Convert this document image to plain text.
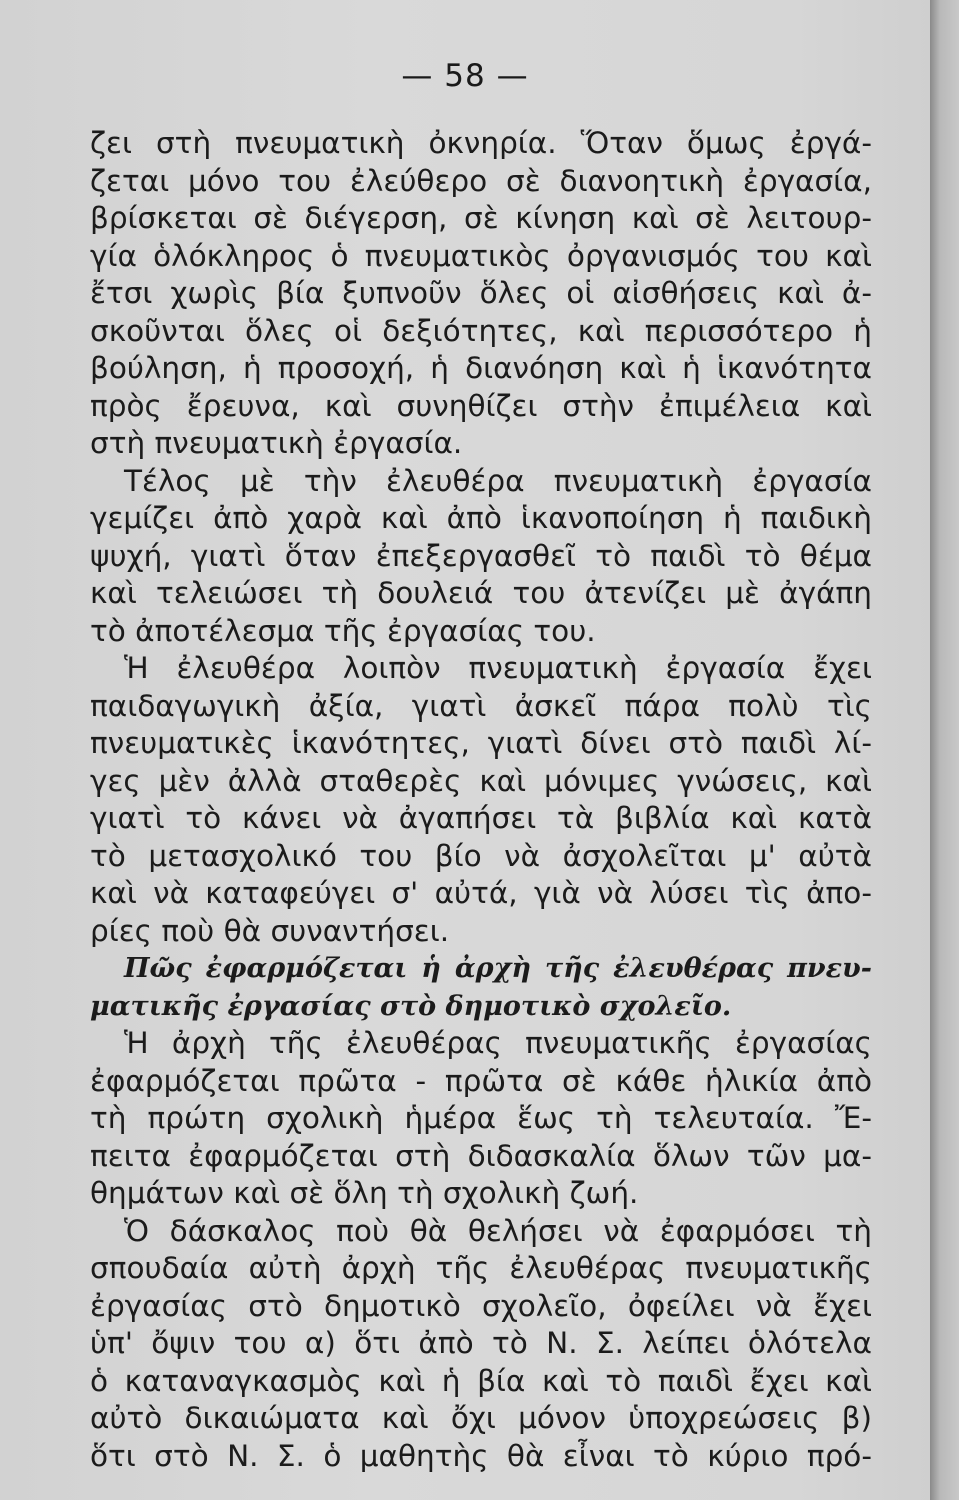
— 58 —
ζει στὴ πνευματικὴ ὀκνηρία. Ὅταν ὅμως ἐργά-
ζεται μόνο του ἐλεύθερο σὲ διανοητικὴ ἐργασία,
βρίσκεται σὲ διέγερση, σὲ κίνηση καὶ σὲ λειτουρ-
γία ὁλόκληρος ὁ πνευματικὸς ὀργανισμός του καὶ
ἔτσι χωρὶς βία ξυπνοῦν ὅλες οἱ αἰσθήσεις καὶ ἀ-
σκοῦνται ὅλες οἱ δεξιότητες, καὶ περισσότερο ἡ
βούληση, ἡ προσοχή, ἡ διανόηση καὶ ἡ ἱκανότητα
πρὸς ἔρευνα, καὶ συνηθίζει στὴν ἐπιμέλεια καὶ
στὴ πνευματικὴ ἐργασία.
Τέλος μὲ τὴν ἐλευθέρα πνευματικὴ ἐργασία
γεμίζει ἀπὸ χαρὰ καὶ ἀπὸ ἱκανοποίηση ἡ παιδικὴ
ψυχή, γιατὶ ὅταν ἐπεξεργασθεῖ τὸ παιδὶ τὸ θέμα
καὶ τελειώσει τὴ δουλειά του ἀτενίζει μὲ ἀγάπη
τὸ ἀποτέλεσμα τῆς ἐργασίας του.
Ἡ ἐλευθέρα λοιπὸν πνευματικὴ ἐργασία ἔχει
παιδαγωγικὴ ἀξία, γιατὶ ἀσκεῖ πάρα πολὺ τὶς
πνευματικὲς ἱκανότητες, γιατὶ δίνει στὸ παιδὶ λί-
γες μὲν ἀλλὰ σταθερὲς καὶ μόνιμες γνώσεις, καὶ
γιατὶ τὸ κάνει νὰ ἀγαπήσει τὰ βιβλία καὶ κατὰ
τὸ μετασχολικό του βίο νὰ ἀσχολεῖται μ' αὐτὰ
καὶ νὰ καταφεύγει σ' αὐτά, γιὰ νὰ λύσει τὶς ἀπο-
ρίες ποὺ θὰ συναντήσει.
Πῶς ἐφαρμόζεται ἡ ἀρχὴ τῆς ἐλευθέρας πνευ-
ματικῆς ἐργασίας στὸ δημοτικὸ σχολεῖο.
Ἡ ἀρχὴ τῆς ἐλευθέρας πνευματικῆς ἐργασίας
ἐφαρμόζεται πρῶτα - πρῶτα σὲ κάθε ἡλικία ἀπὸ
τὴ πρώτη σχολικὴ ἡμέρα ἕως τὴ τελευταία. Ἔ-
πειτα ἐφαρμόζεται στὴ διδασκαλία ὅλων τῶν μα-
θημάτων καὶ σὲ ὅλη τὴ σχολικὴ ζωή.
Ὁ δάσκαλος ποὺ θὰ θελήσει νὰ ἐφαρμόσει τὴ
σπουδαία αὐτὴ ἀρχὴ τῆς ἐλευθέρας πνευματικῆς
ἐργασίας στὸ δημοτικὸ σχολεῖο, ὀφείλει νὰ ἔχει
ὑπ' ὄψιν του α) ὅτι ἀπὸ τὸ Ν. Σ. λείπει ὁλότελα
ὁ καταναγκασμὸς καὶ ἡ βία καὶ τὸ παιδὶ ἔχει καὶ
αὐτὸ δικαιώματα καὶ ὄχι μόνον ὑποχρεώσεις β)
ὅτι στὸ Ν. Σ. ὁ μαθητὴς θὰ εἶναι τὸ κύριο πρό-
